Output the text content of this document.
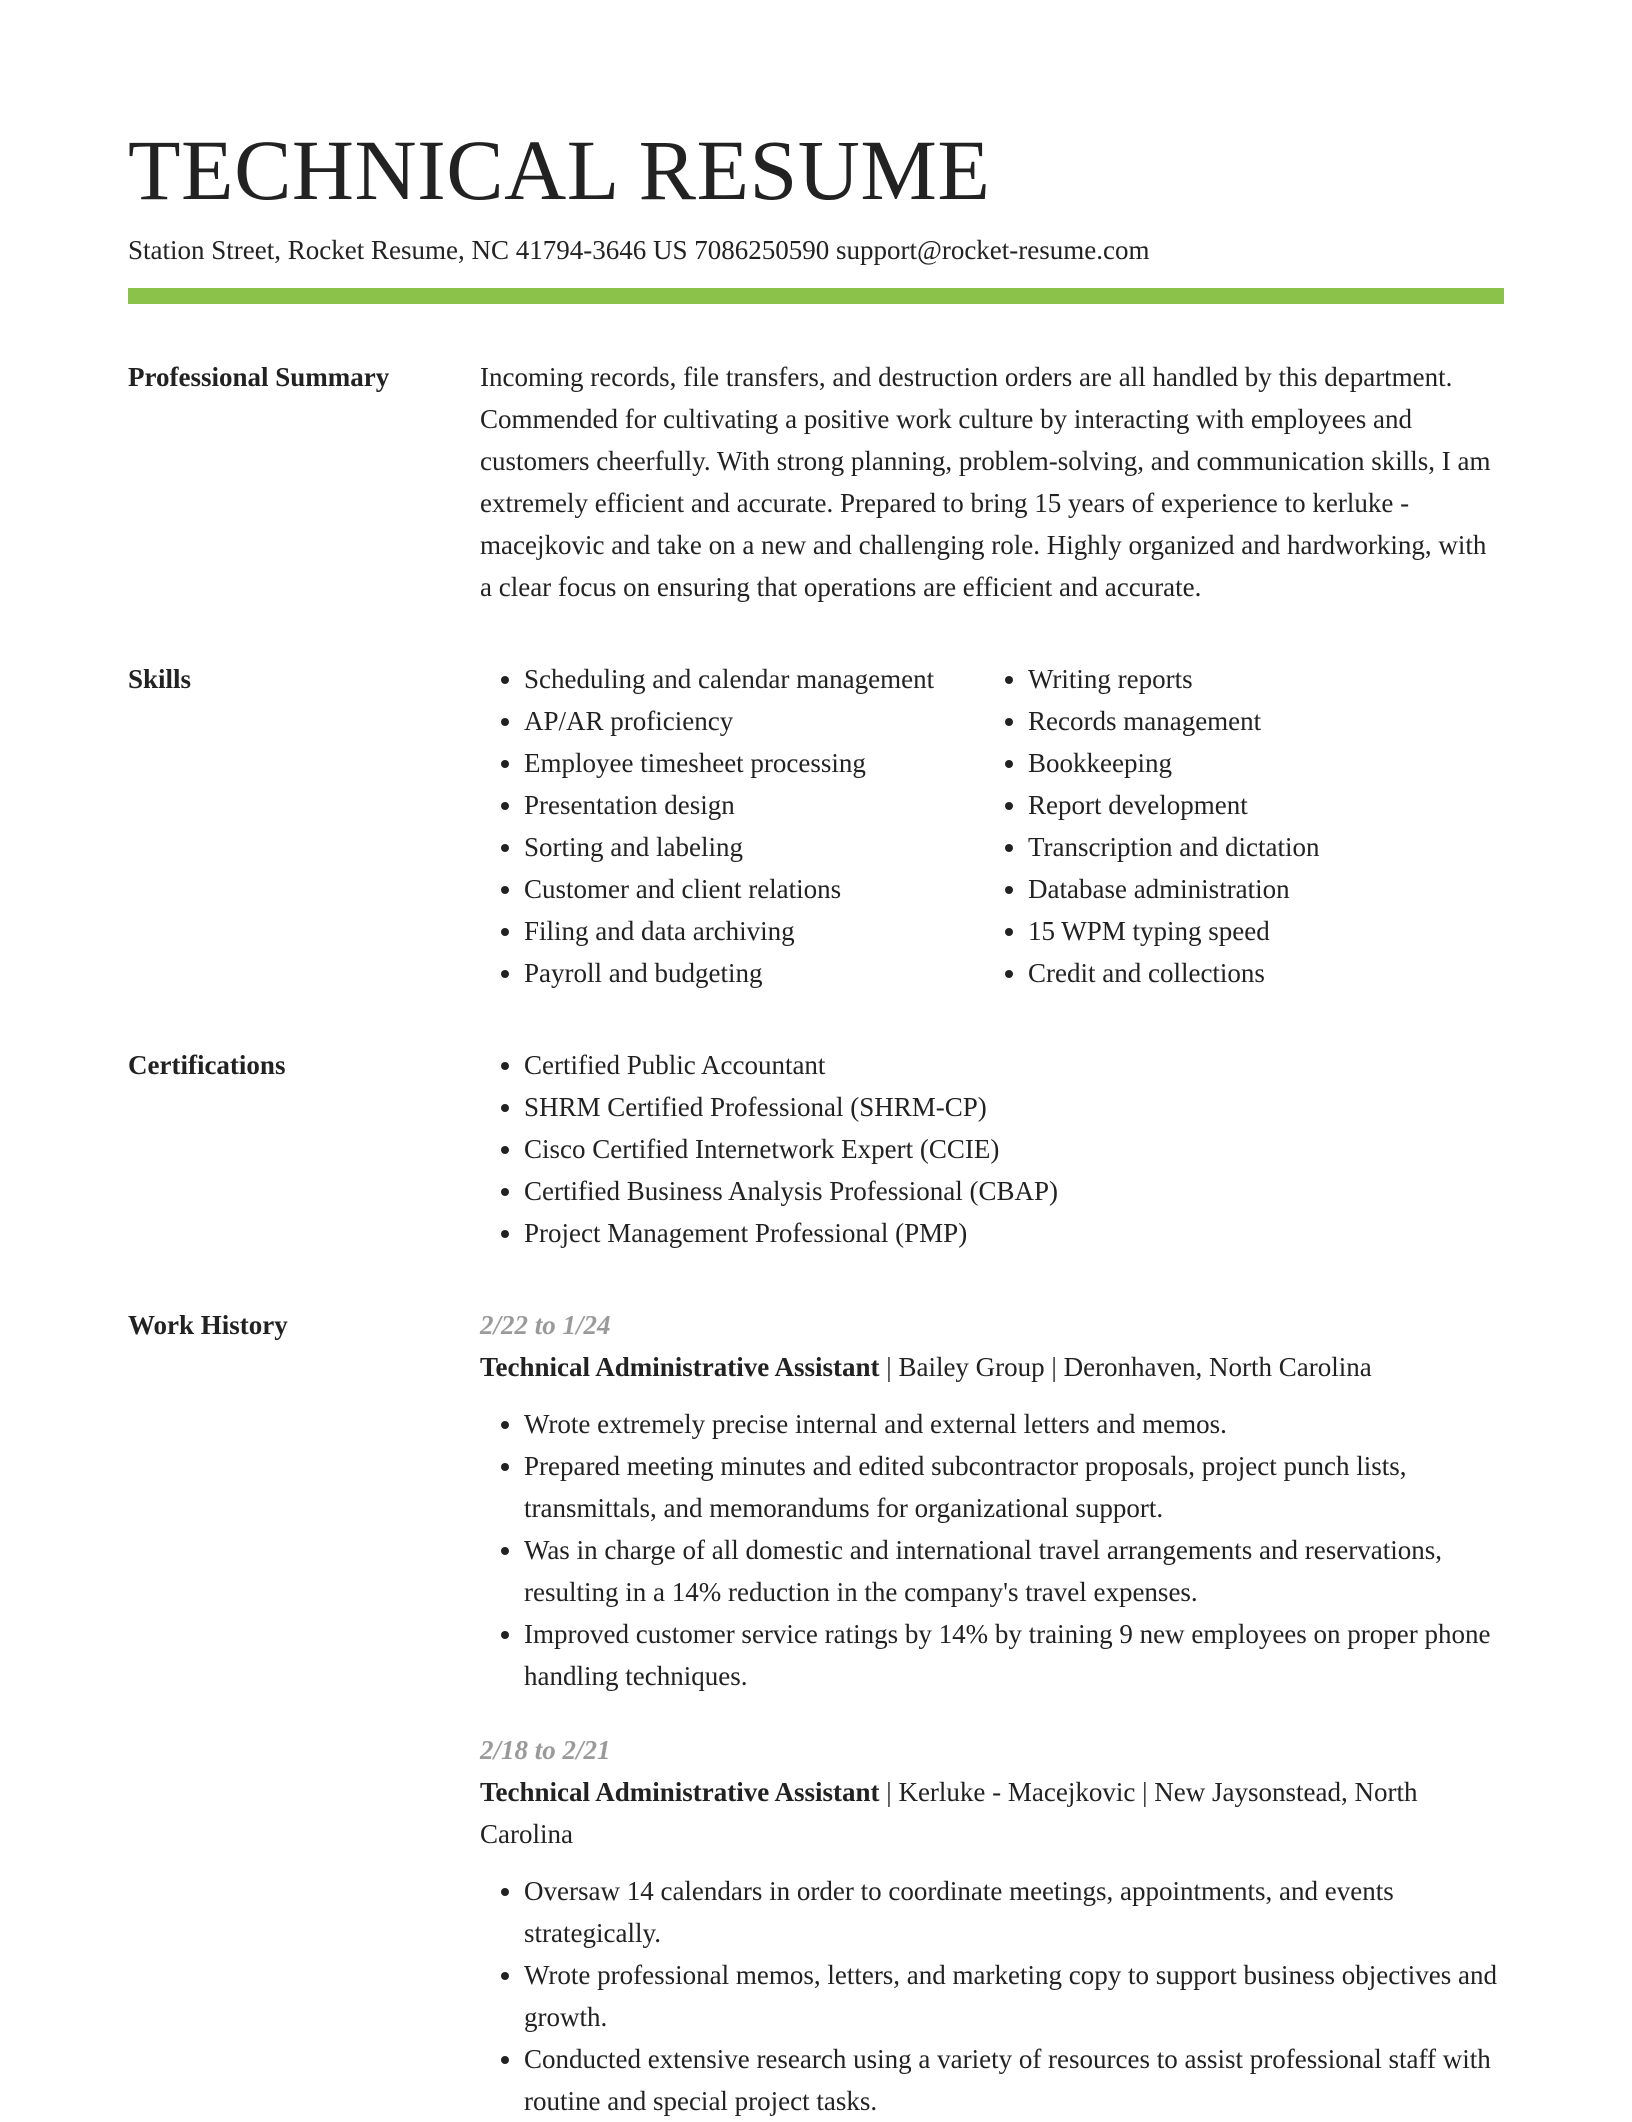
TECHNICAL RESUME
Station Street, Rocket Resume, NC 41794-3646 US 7086250590 support@rocket-resume.com
Professional Summary	Incoming records, file transfers, and destruction orders are all handled by this department. Commended for cultivating a positive work culture by interacting with employees and customers cheerfully. With strong planning, problem-solving, and communication skills, I am extremely efficient and accurate. Prepared to bring 15 years of experience to kerluke - macejkovic and take on a new and challenging role. Highly organized and hardworking, with a clear focus on ensuring that operations are efficient and accurate.

Skills	• Scheduling and calendar management
• AP/AR proficiency
• Employee timesheet processing
• Presentation design
• Sorting and labeling
• Customer and client relations
• Filing and data archiving
• Payroll and budgeting
• Writing reports
• Records management
• Bookkeeping
• Report development
• Transcription and dictation
• Database administration
• 15 WPM typing speed
• Credit and collections
Certifications	• Certified Public Accountant
• SHRM Certified Professional (SHRM-CP)
• Cisco Certified Internetwork Expert (CCIE)
• Certified Business Analysis Professional (CBAP)
• Project Management Professional (PMP)
Work History	2/22 to 1/24
Technical Administrative Assistant | Bailey Group | Deronhaven, North Carolina
• Wrote extremely precise internal and external letters and memos.
• Prepared meeting minutes and edited subcontractor proposals, project punch lists, transmittals, and memorandums for organizational support.
• Was in charge of all domestic and international travel arrangements and reservations, resulting in a 14% reduction in the company's travel expenses.
• Improved customer service ratings by 14% by training 9 new employees on proper phone handling techniques.
2/18 to 2/21
Technical Administrative Assistant | Kerluke - Macejkovic | New Jaysonstead, North Carolina
• Oversaw 14 calendars in order to coordinate meetings, appointments, and events strategically.
• Wrote professional memos, letters, and marketing copy to support business objectives and growth.
• Conducted extensive research using a variety of resources to assist professional staff with routine and special project tasks.
